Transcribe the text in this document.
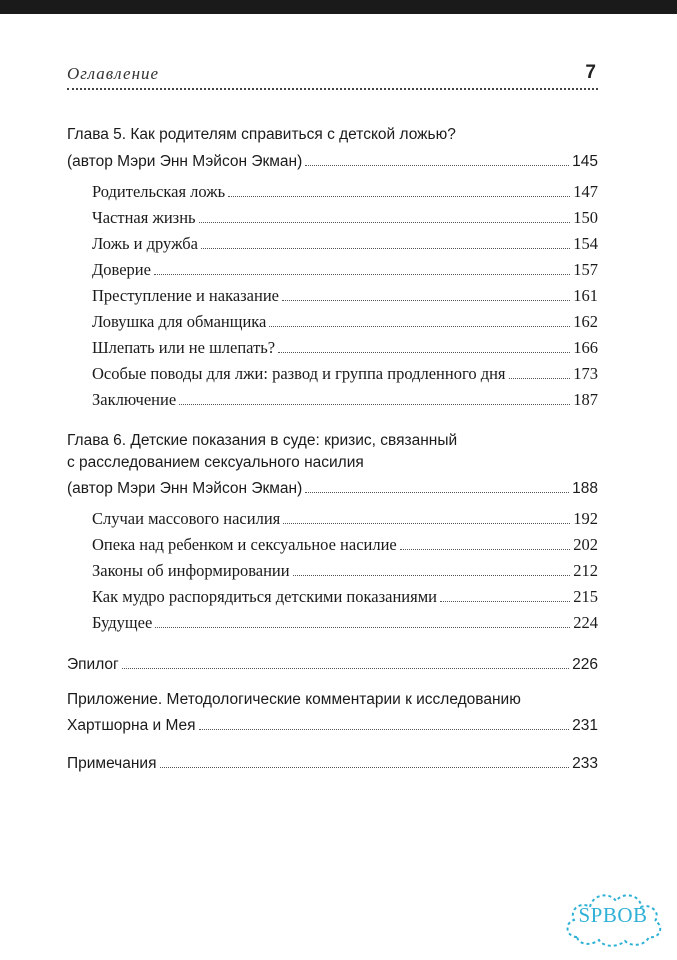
Оглавление	7
Глава 5. Как родителям справиться с детской ложью?
(автор Мэри Энн Мэйсон Экман)	145
Родительская ложь	147
Частная жизнь	150
Ложь и дружба	154
Доверие	157
Преступление и наказание	161
Ловушка для обманщика	162
Шлепать или не шлепать?	166
Особые поводы для лжи: развод и группа продленного дня	173
Заключение	187
Глава 6. Детские показания в суде: кризис, связанный
с расследованием сексуального насилия
(автор Мэри Энн Мэйсон Экман)	188
Случаи массового насилия	192
Опека над ребенком и сексуальное насилие	202
Законы об информировании	212
Как мудро распорядиться детскими показаниями	215
Будущее	224
Эпилог	226
Приложение. Методологические комментарии к исследованию
Хартшорна и Мея	231
Примечания	233
SPBOB
